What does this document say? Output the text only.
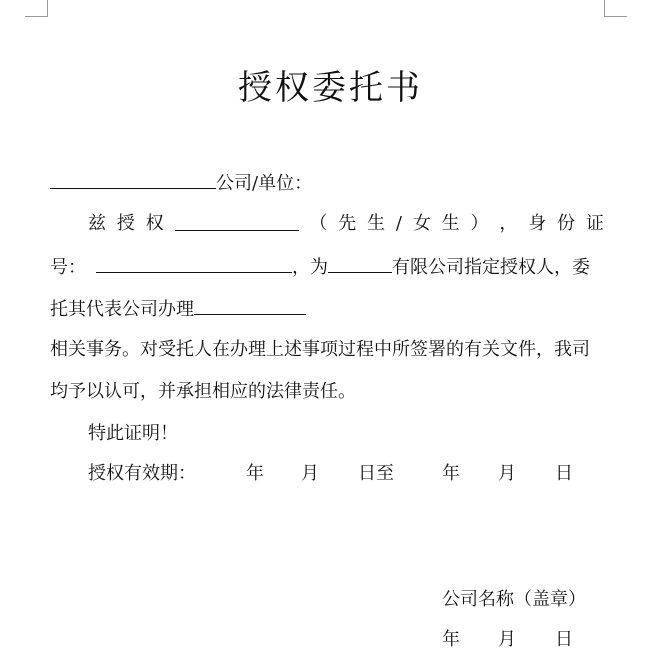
授权委托书
公司/单位：
兹 授 权	（ 先 生 / 女 生 ） ， 身 份 证
号：	，为	有限公司指定授权人，委
托其代表公司办理
相关事务。对受托人在办理上述事项过程中所签署的有关文件，我司
均予以认可，并承担相应的法律责任。
特此证明！
授权有效期：	年 月 日至	年 月 日
公司名称（盖章）
年 月 日
